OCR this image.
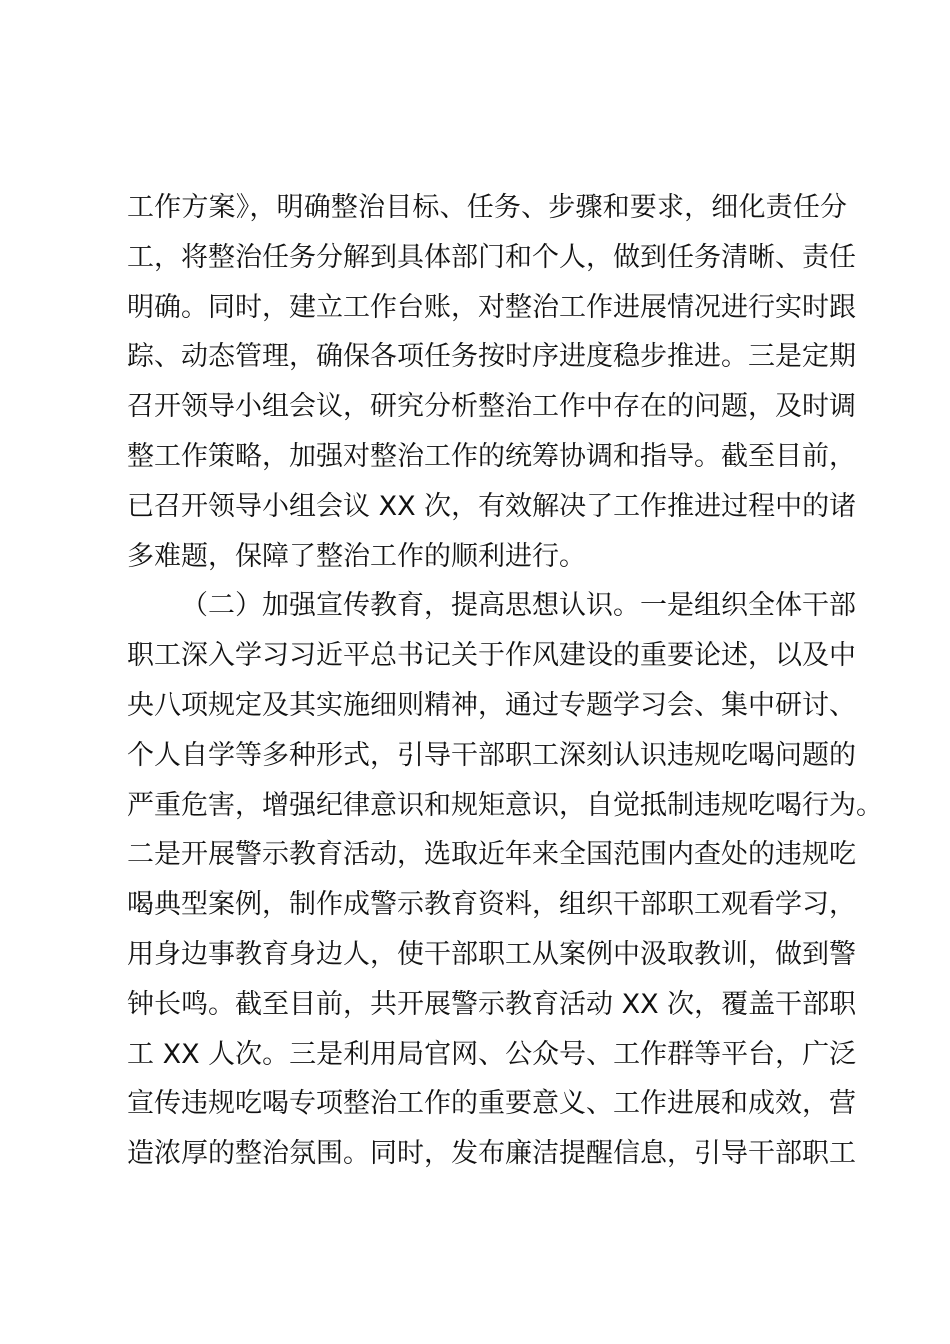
工作方案》，明确整治目标、任务、步骤和要求，细化责任分
工，将整治任务分解到具体部门和个人，做到任务清晰、责任
明确。同时，建立工作台账，对整治工作进展情况进行实时跟
踪、动态管理，确保各项任务按时序进度稳步推进。三是定期
召开领导小组会议，研究分析整治工作中存在的问题，及时调
整工作策略，加强对整治工作的统筹协调和指导。截至目前，
已召开领导小组会议 XX 次，有效解决了工作推进过程中的诸
多难题，保障了整治工作的顺利进行。
（二）加强宣传教育，提高思想认识。一是组织全体干部
职工深入学习习近平总书记关于作风建设的重要论述，以及中
央八项规定及其实施细则精神，通过专题学习会、集中研讨、
个人自学等多种形式，引导干部职工深刻认识违规吃喝问题的
严重危害，增强纪律意识和规矩意识，自觉抵制违规吃喝行为。
二是开展警示教育活动，选取近年来全国范围内查处的违规吃
喝典型案例，制作成警示教育资料，组织干部职工观看学习，
用身边事教育身边人，使干部职工从案例中汲取教训，做到警
钟长鸣。截至目前，共开展警示教育活动 XX 次，覆盖干部职
工 XX 人次。三是利用局官网、公众号、工作群等平台，广泛
宣传违规吃喝专项整治工作的重要意义、工作进展和成效，营
造浓厚的整治氛围。同时，发布廉洁提醒信息，引导干部职工
